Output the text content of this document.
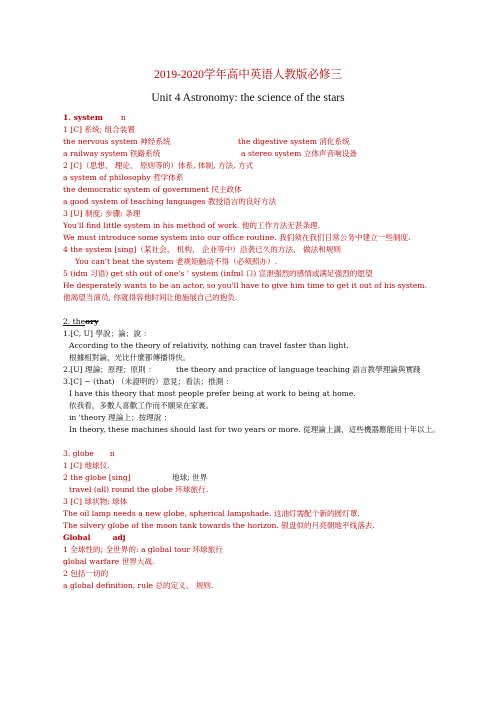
2019-2020学年高中英语人教版必修三
Unit 4 Astronomy: the science of the stars
1. system n
1 [C] 系统; 组合装置
the nervous system 神经系统	the digestive system 消化系统
a railway system 铁路系统	a stereo system 立体声音响设备
2 [C]（思想、 理论、 原则等的）体系, 体制, 方法, 方式
a system of philosophy 哲学体系
the democratic system of government 民主政体
a good system of teaching languages 教授语言的良好方法
3 [U] 制度; 步骤; 条理
You'll find little system in his method of work. 他的工作方法无甚条理.
We must introduce some system into our office routine. 我们须在我们日常公务中建立一些制度.
4 the system [sing]（某社会、 机构、 企业等中）沿袭已久的方法、 做法和规则
You can't beat the system 老规矩触动不得（必须照办）.
5 (idm 习语) get sth out of one's ' system (infml 口) 宣泄强烈的感情或满足强烈的愿望
He desperately wants to be an actor, so you'll have to give him time to get it out of his system.
他渴望当演员, 你就得容他时间让他施展自己的抱负.
2. theory
1.[C, U] 學說；論；說 ：
According to the theory of relativity, nothing can travel faster than light.
根據相對論，光比什麼都傳播得快。
2.[U] 理論；原理；原則 ：	the theory and practice of language teaching 語言教學理論與實踐
3.[C] ~ (that) （未證明的）意見；看法；推測 ：
I have this theory that most people prefer being at work to being at home.
依我看，多數人喜歡工作而不願呆在家裏。
in 'theory 理論上；按理說 ：
In theory, these machines should last for two years or more. 從理論上講，這些機器應能用十年以上。
3. globe n
1 [C] 地球仪.
2 the globe [sing]	地球; 世界
travel (all) round the globe 环球旅行.
3 [C] 球状物; 球体
The oil lamp needs a new globe, spherical lampshade. 这油灯需配个新的圆灯罩.
The silvery globe of the moon tank towards the horizon. 银盘似的月亮朝地平线落去.
Global	adj
1 全球性的; 全世界的: a global tour 环球旅行
global warfare 世界大战.
2 包括一切的
a global definition, rule 总的定义、 规则.
